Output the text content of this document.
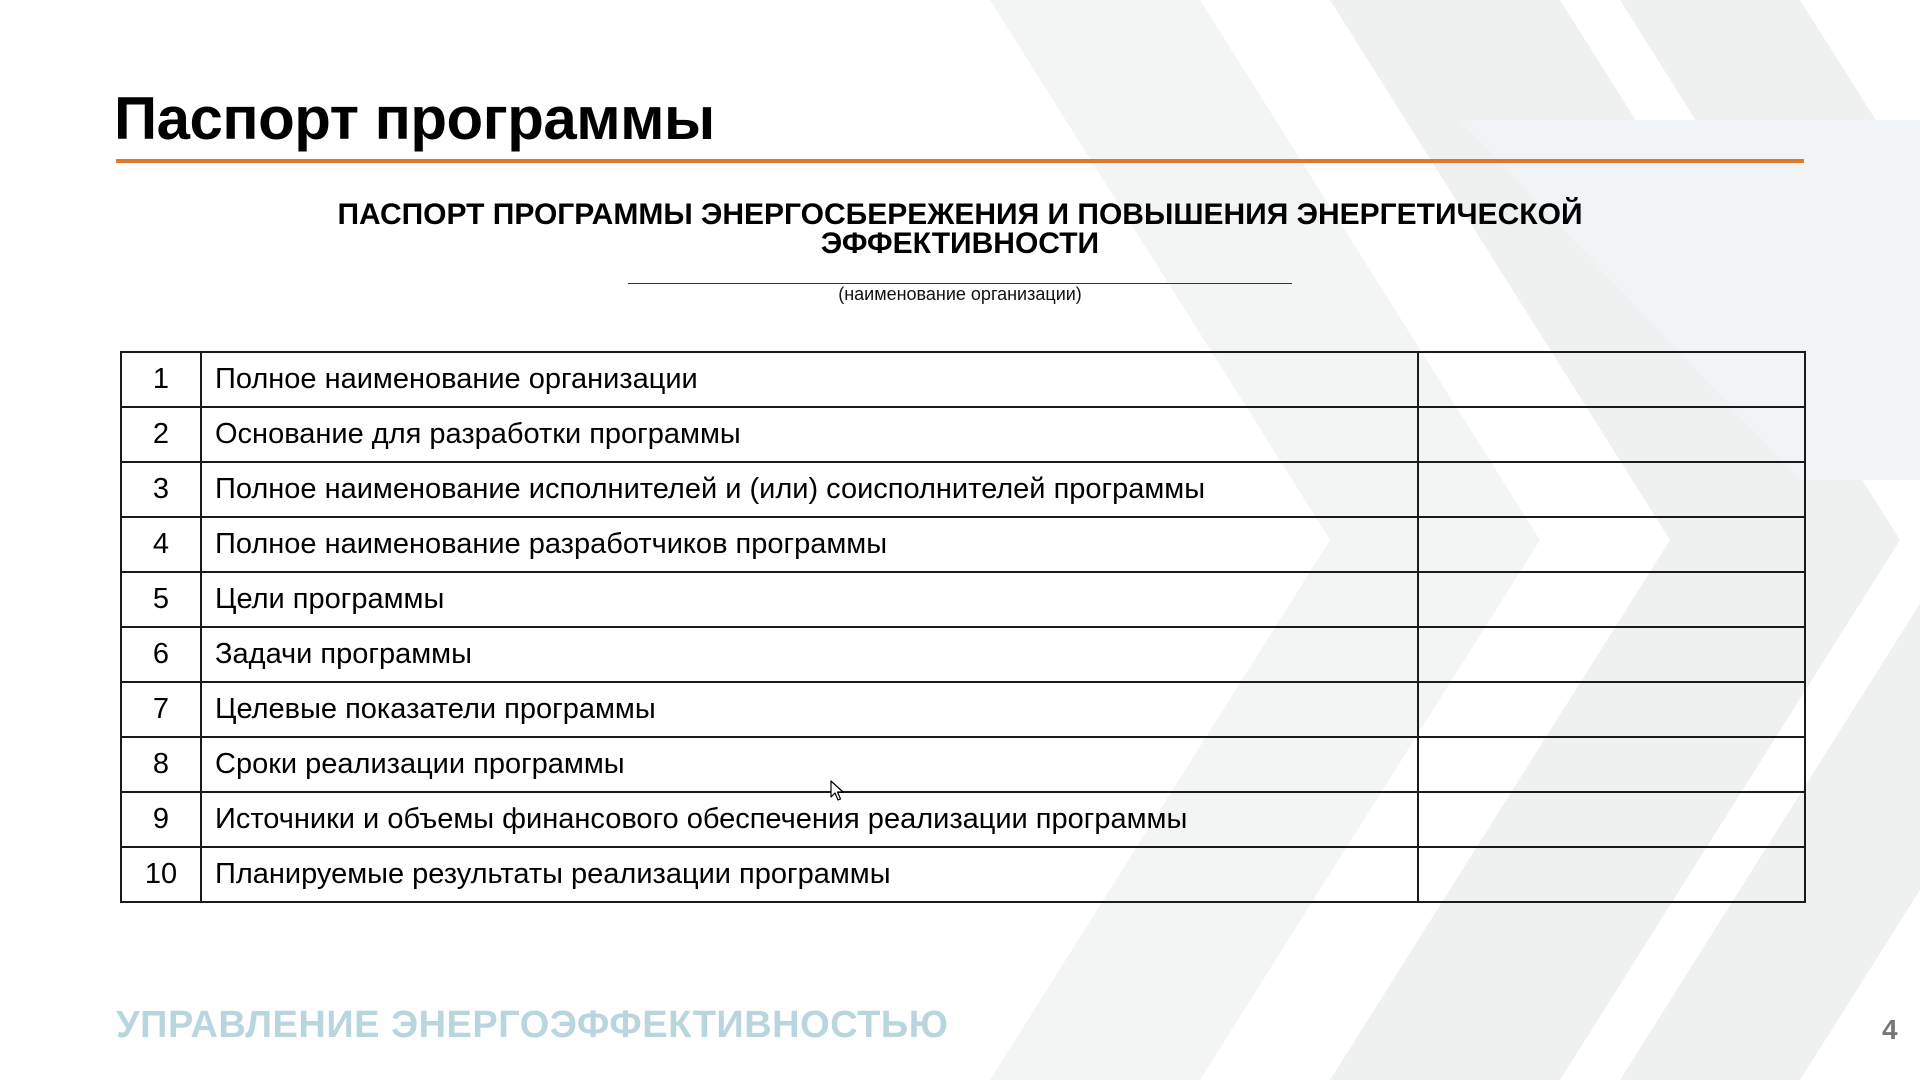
Паспорт программы
ПАСПОРТ ПРОГРАММЫ ЭНЕРГОСБЕРЕЖЕНИЯ И ПОВЫШЕНИЯ ЭНЕРГЕТИЧЕСКОЙ ЭФФЕКТИВНОСТИ
(наименование организации)
1	Полное наименование организации	
2	Основание для разработки программы	
3	Полное наименование исполнителей и (или) соисполнителей программы	
4	Полное наименование разработчиков программы	
5	Цели программы	
6	Задачи программы	
7	Целевые показатели программы	
8	Сроки реализации программы	
9	Источники и объемы финансового обеспечения реализации программы	
10	Планируемые результаты реализации программы	
УПРАВЛЕНИЕ ЭНЕРГОЭФФЕКТИВНОСТЬЮ	4
